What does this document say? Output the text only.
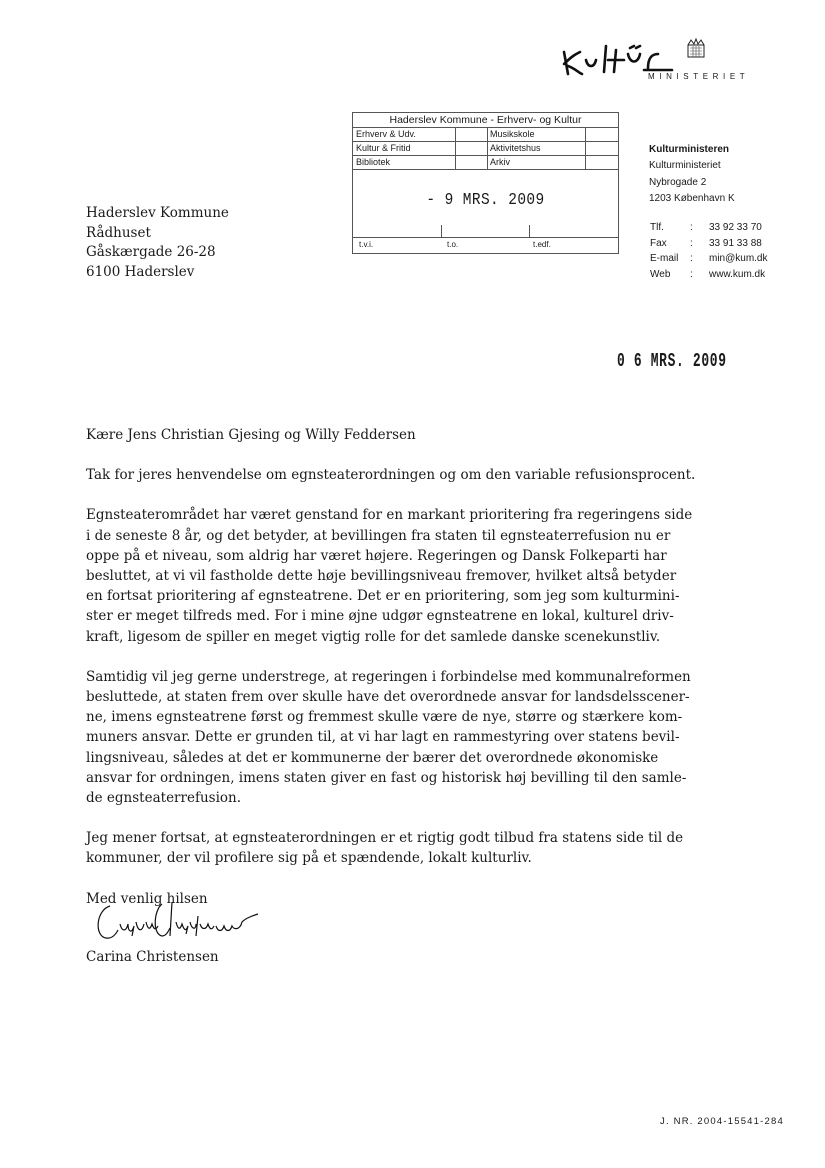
MINISTERIET
Haderslev Kommune - Erhverv- og Kultur
Erhverv & Udv.	Musikskole
Kultur & Fritid	Aktivitetshus
Bibliotek	Arkiv
- 9 MRS. 2009
t.v.i.	t.o.	t.edf.
Haderslev Kommune
Rådhuset
Gåskærgade 26-28
6100 Haderslev
Kulturministeren
Kulturministeriet
Nybrogade 2
1203 København K
Tlf.	:	33 92 33 70
Fax	:	33 91 33 88
E-mail	:	min@kum.dk
Web	:	www.kum.dk
0 6 MRS. 2009

Kære Jens Christian Gjesing og Willy Feddersen

Tak for jeres henvendelse om egnsteaterordningen og om den variable refusionsprocent.

Egnsteaterområdet har været genstand for en markant prioritering fra regeringens side
i de seneste 8 år, og det betyder, at bevillingen fra staten til egnsteaterrefusion nu er
oppe på et niveau, som aldrig har været højere. Regeringen og Dansk Folkeparti har
besluttet, at vi vil fastholde dette høje bevillingsniveau fremover, hvilket altså betyder
en fortsat prioritering af egnsteatrene. Det er en prioritering, som jeg som kulturmini-
ster er meget tilfreds med. For i mine øjne udgør egnsteatrene en lokal, kulturel driv-
kraft, ligesom de spiller en meget vigtig rolle for det samlede danske scenekunstliv.

Samtidig vil jeg gerne understrege, at regeringen i forbindelse med kommunalreformen
besluttede, at staten frem over skulle have det overordnede ansvar for landsdelsscener-
ne, imens egnsteatrene først og fremmest skulle være de nye, større og stærkere kom-
muners ansvar. Dette er grunden til, at vi har lagt en rammestyring over statens bevil-
lingsniveau, således at det er kommunerne der bærer det overordnede økonomiske
ansvar for ordningen, imens staten giver en fast og historisk høj bevilling til den samle-
de egnsteaterrefusion.

Jeg mener fortsat, at egnsteaterordningen er et rigtig godt tilbud fra statens side til de
kommuner, der vil profilere sig på et spændende, lokalt kulturliv.

Med venlig hilsen

Carina Christensen
J. NR. 2004-15541-284
